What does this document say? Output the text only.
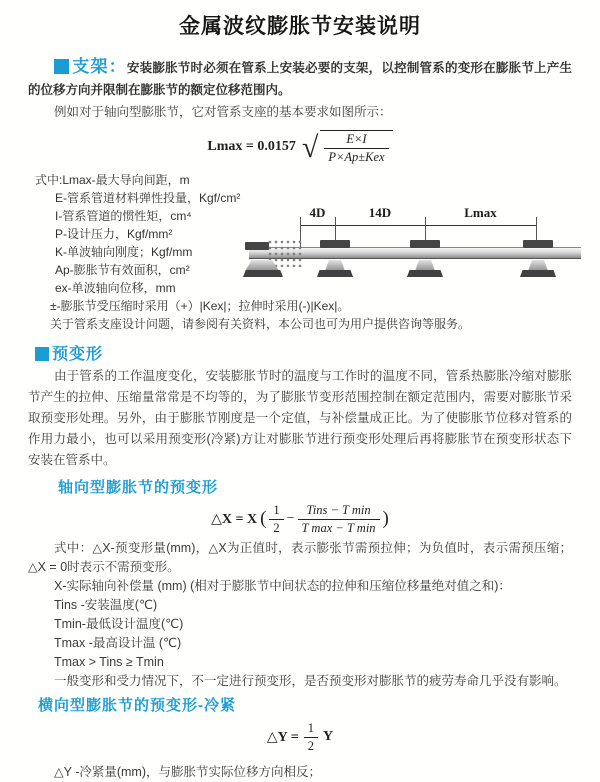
金属波纹膨胀节安装说明

支架：安装膨胀节时必须在管系上安装必要的支架，以控制管系的变形在膨胀节上产生的位移方向并限制在膨胀节的额定位移范围内。

例如对于轴向型膨胀节，它对管系支座的基本要求如图所示：

Lmax = 0.0157 √ $\frac{E\times I}{\text{P×Ap±Kex}}$
式中:Lmax-最大导向间距，m
E-管系管道材料弹性投量，Kgf/cm²
I-管系管道的惯性矩，cm⁴
P-设计压力，Kgf/mm²
K-单波轴向刚度；Kgf/mm
Ap-膨胀节有效面积，cm²
ex-单波轴向位移，mm
±-膨胀节受压缩时采用（+）|Kex|；拉伸时采用(-)|Kex|。
关于管系支座设计问题，请参阅有关资料，本公司也可为用户提供咨询等服务。
4D	14D	Lmax
预变形

由于管系的工作温度变化，安装膨胀节时的温度与工作时的温度不同，管系热膨胀冷缩对膨胀节产生的拉伸、压缩量常常是不均等的，为了膨胀节变形范围控制在额定范围内，需要对膨胀节采取预变形处理。另外，由于膨胀节刚度是一个定值，与补偿量成正比。为了使膨胀节位移对管系的作用力最小，也可以采用预变形(冷紧)方让对膨胀节进行预变形处理后再将膨胀节在预变形状态下安装在管系中。

轴向型膨胀节的预变形
△X = X ( $\frac{1}{2} - \frac{\text{Tins − T min}}{\text{T max − T min}}$ )
式中：△X-预变形量(mm)，△X为正值时，表示膨张节需预拉伸；为负值时，表示需预压缩；△X = 0时表示不需预变形。
X-实际轴向补偿量 (mm) (相对于膨胀节中间状态的拉伸和压缩位移量绝对值之和)：
Tins -安装温度(℃)
Tmin-最低设计温度(℃)
Tmax -最高设计温 (℃)
Tmax > Tins ≥ Tmin
一般变形和受力情况下，不一定进行预变形，是否预变形对膨胀节的疲劳寿命几乎没有影响。
横向型膨胀节的预变形-冷紧
△Y = $\frac{1}{2}$ Y
△Y -冷紧量(mm)，与膨胀节实际位移方向相反；
